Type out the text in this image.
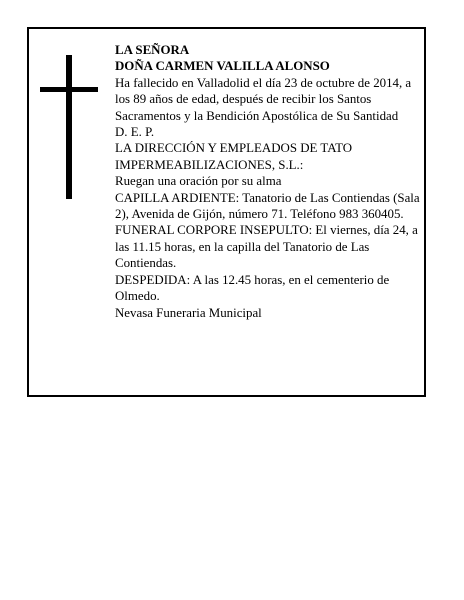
LA SEÑORA

DOÑA CARMEN VALILLA ALONSO

Ha fallecido en Valladolid el día 23 de octubre de 2014, a los 89 años de edad, después de recibir los Santos Sacramentos y la Bendición Apostólica de Su Santidad

D. E. P.

LA DIRECCIÓN Y EMPLEADOS DE TATO IMPERMEABILIZACIONES, S.L.:

Ruegan una oración por su alma

CAPILLA ARDIENTE: Tanatorio de Las Contiendas (Sala 2), Avenida de Gijón, número 71. Teléfono 983 360405.

FUNERAL CORPORE INSEPULTO: El viernes, día 24, a las 11.15 horas, en la capilla del Tanatorio de Las Contiendas.

DESPEDIDA: A las 12.45 horas, en el cementerio de Olmedo.

Nevasa Funeraria Municipal
